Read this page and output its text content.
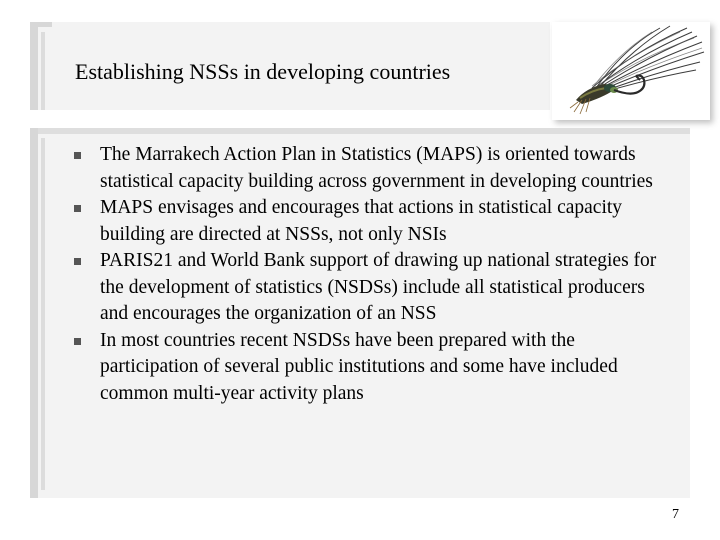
Establishing NSSs in developing countries
The Marrakech Action Plan in Statistics (MAPS) is oriented towards statistical capacity building across government in developing countries
MAPS envisages and encourages that actions in statistical capacity building are directed at NSSs, not only NSIs
PARIS21 and World Bank support of drawing up national strategies for the development of statistics (NSDSs) include all statistical producers and encourages the organization of an NSS
In most countries recent NSDSs have been prepared with the participation of several public institutions and some have included common multi-year activity plans
7
